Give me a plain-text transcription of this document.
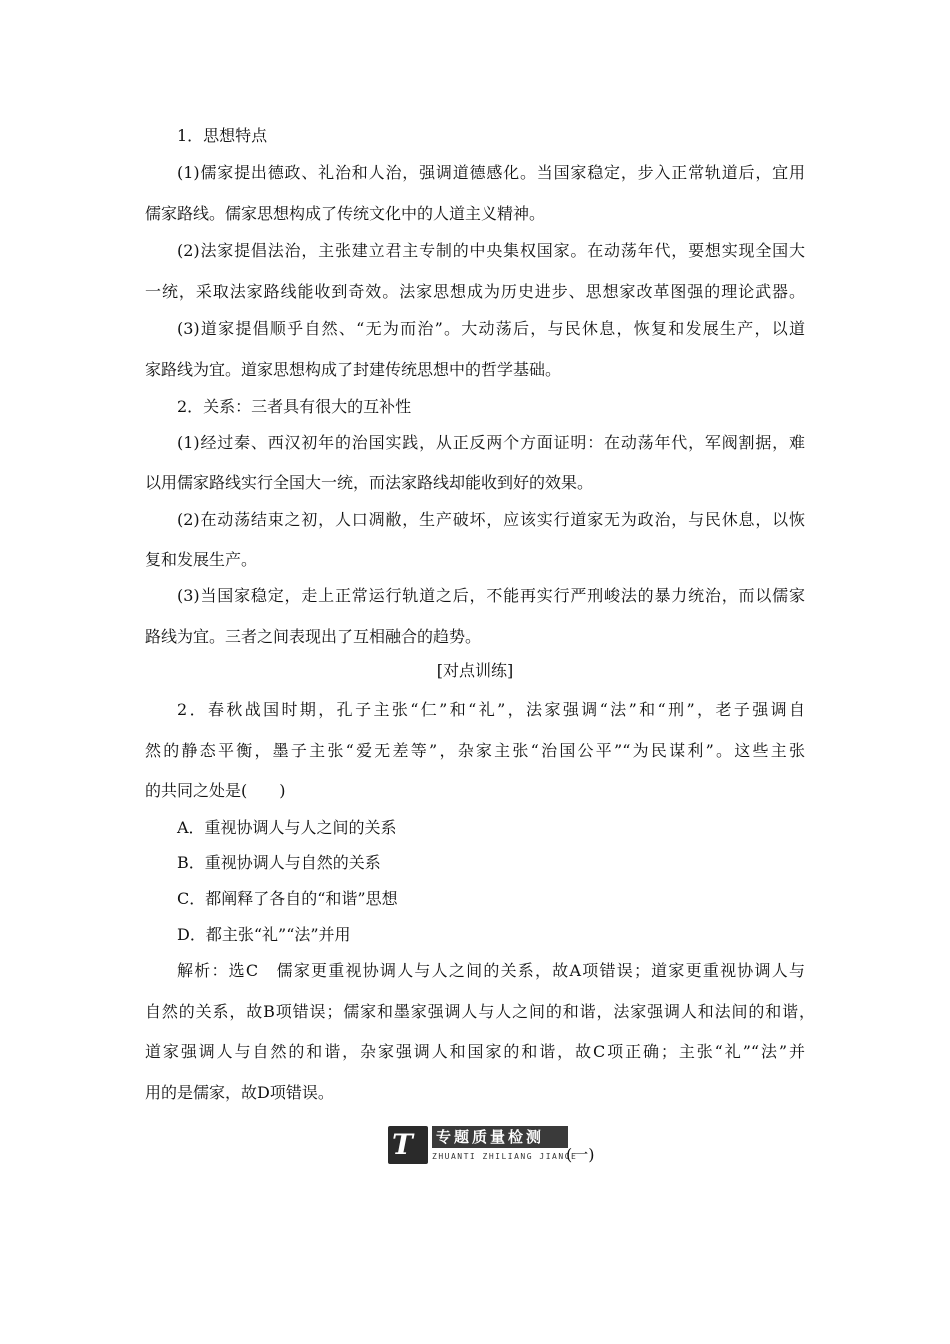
1．思想特点
(1)儒家提出德政、礼治和人治，强调道德感化。当国家稳定，步入正常轨道后，宜用
儒家路线。儒家思想构成了传统文化中的人道主义精神。
(2)法家提倡法治，主张建立君主专制的中央集权国家。在动荡年代，要想实现全国大
一统，采取法家路线能收到奇效。法家思想成为历史进步、思想家改革图强的理论武器。
(3)道家提倡顺乎自然、“无为而治”。大动荡后，与民休息，恢复和发展生产，以道
家路线为宜。道家思想构成了封建传统思想中的哲学基础。
2．关系：三者具有很大的互补性
(1)经过秦、西汉初年的治国实践，从正反两个方面证明：在动荡年代，军阀割据，难
以用儒家路线实行全国大一统，而法家路线却能收到好的效果。
(2)在动荡结束之初，人口凋敝，生产破坏，应该实行道家无为政治，与民休息，以恢
复和发展生产。
(3)当国家稳定，走上正常运行轨道之后，不能再实行严刑峻法的暴力统治，而以儒家
路线为宜。三者之间表现出了互相融合的趋势。
[对点训练]
2．春秋战国时期，孔子主张“仁”和“礼”，法家强调“法”和“刑”，老子强调自
然的静态平衡，墨子主张“爱无差等”，杂家主张“治国公平”“为民谋利”。这些主张
的共同之处是(　　)
A．重视协调人与人之间的关系
B．重视协调人与自然的关系
C．都阐释了各自的“和谐”思想
D．都主张“礼”“法”并用
解析：选C　儒家更重视协调人与人之间的关系，故A项错误；道家更重视协调人与
自然的关系，故B项错误；儒家和墨家强调人与人之间的和谐，法家强调人和法间的和谐，
道家强调人与自然的和谐，杂家强调人和国家的和谐，故C项正确；主张“礼”“法”并
用的是儒家，故D项错误。
T 专题质量检测
ZHUANTI ZHILIANG JIANCE
(一)
